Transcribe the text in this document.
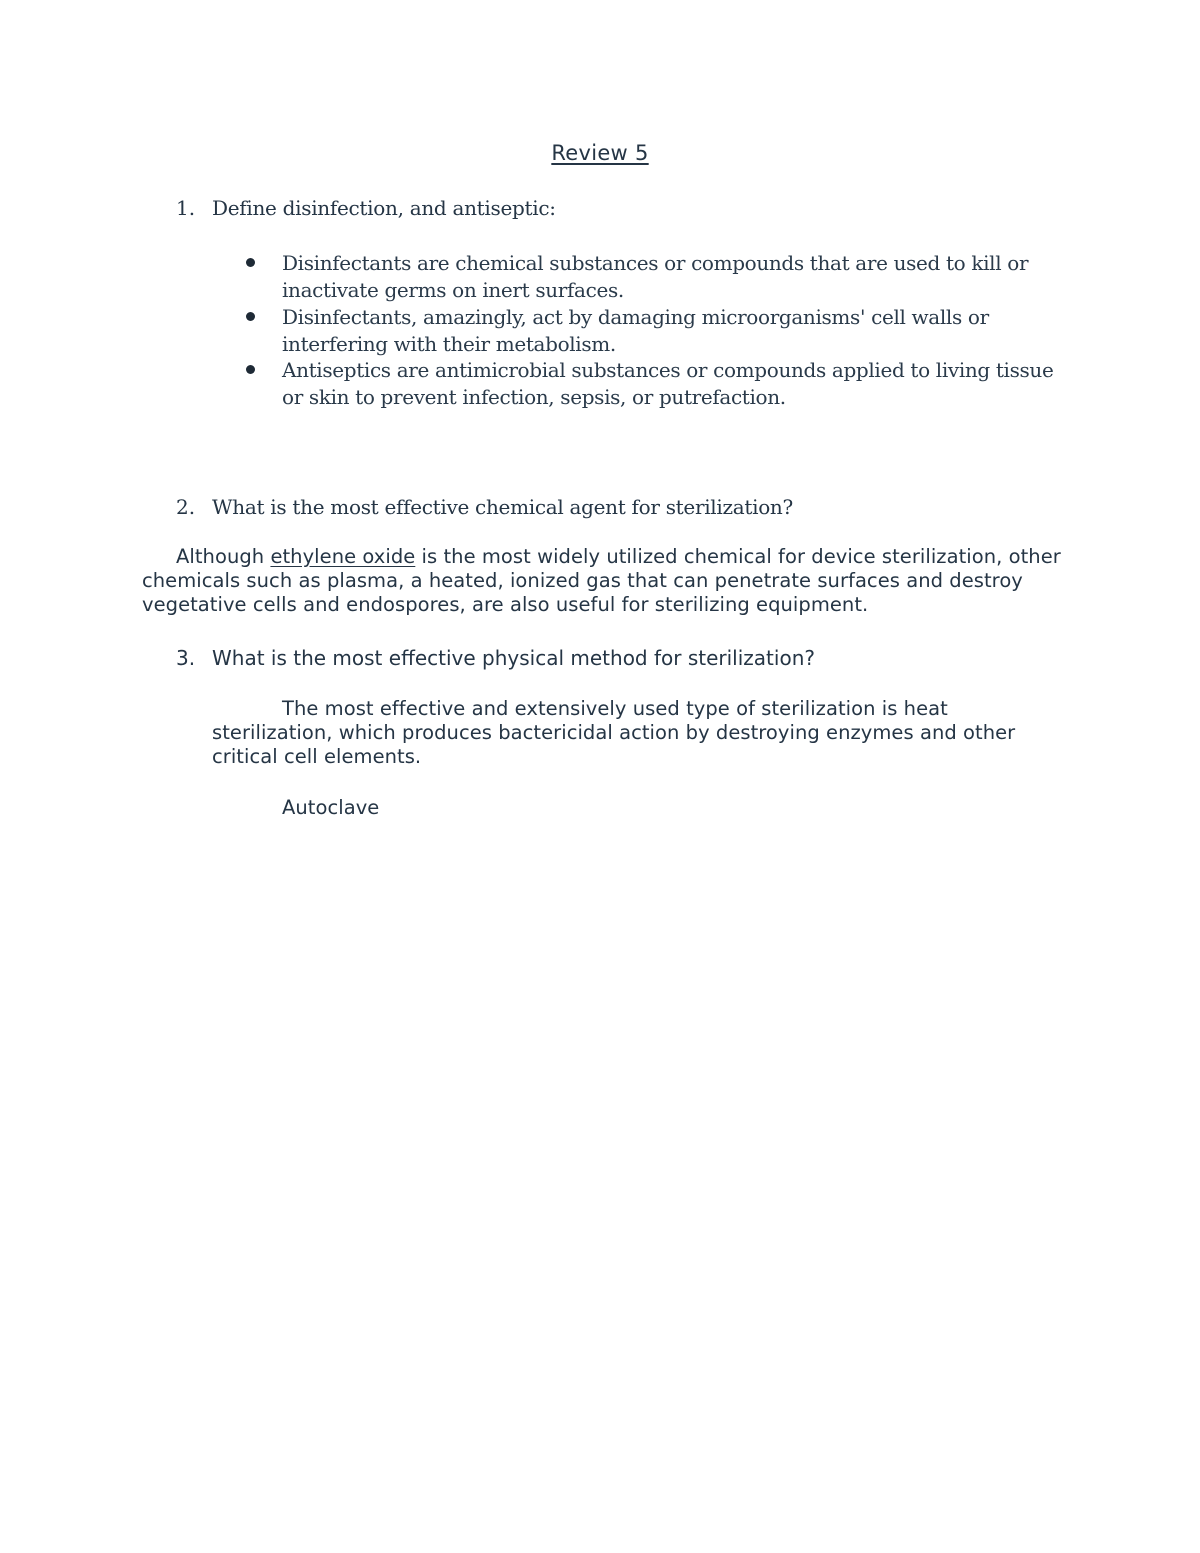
Review 5
1. Define disinfection, and antiseptic:
Disinfectants are chemical substances or compounds that are used to kill or inactivate germs on inert surfaces.
Disinfectants, amazingly, act by damaging microorganisms' cell walls or interfering with their metabolism.
Antiseptics are antimicrobial substances or compounds applied to living tissue or skin to prevent infection, sepsis, or putrefaction.
2. What is the most effective chemical agent for sterilization?
Although ethylene oxide is the most widely utilized chemical for device sterilization, other chemicals such as plasma, a heated, ionized gas that can penetrate surfaces and destroy vegetative cells and endospores, are also useful for sterilizing equipment.
3. What is the most effective physical method for sterilization?
The most effective and extensively used type of sterilization is heat sterilization, which produces bactericidal action by destroying enzymes and other critical cell elements.
Autoclave
